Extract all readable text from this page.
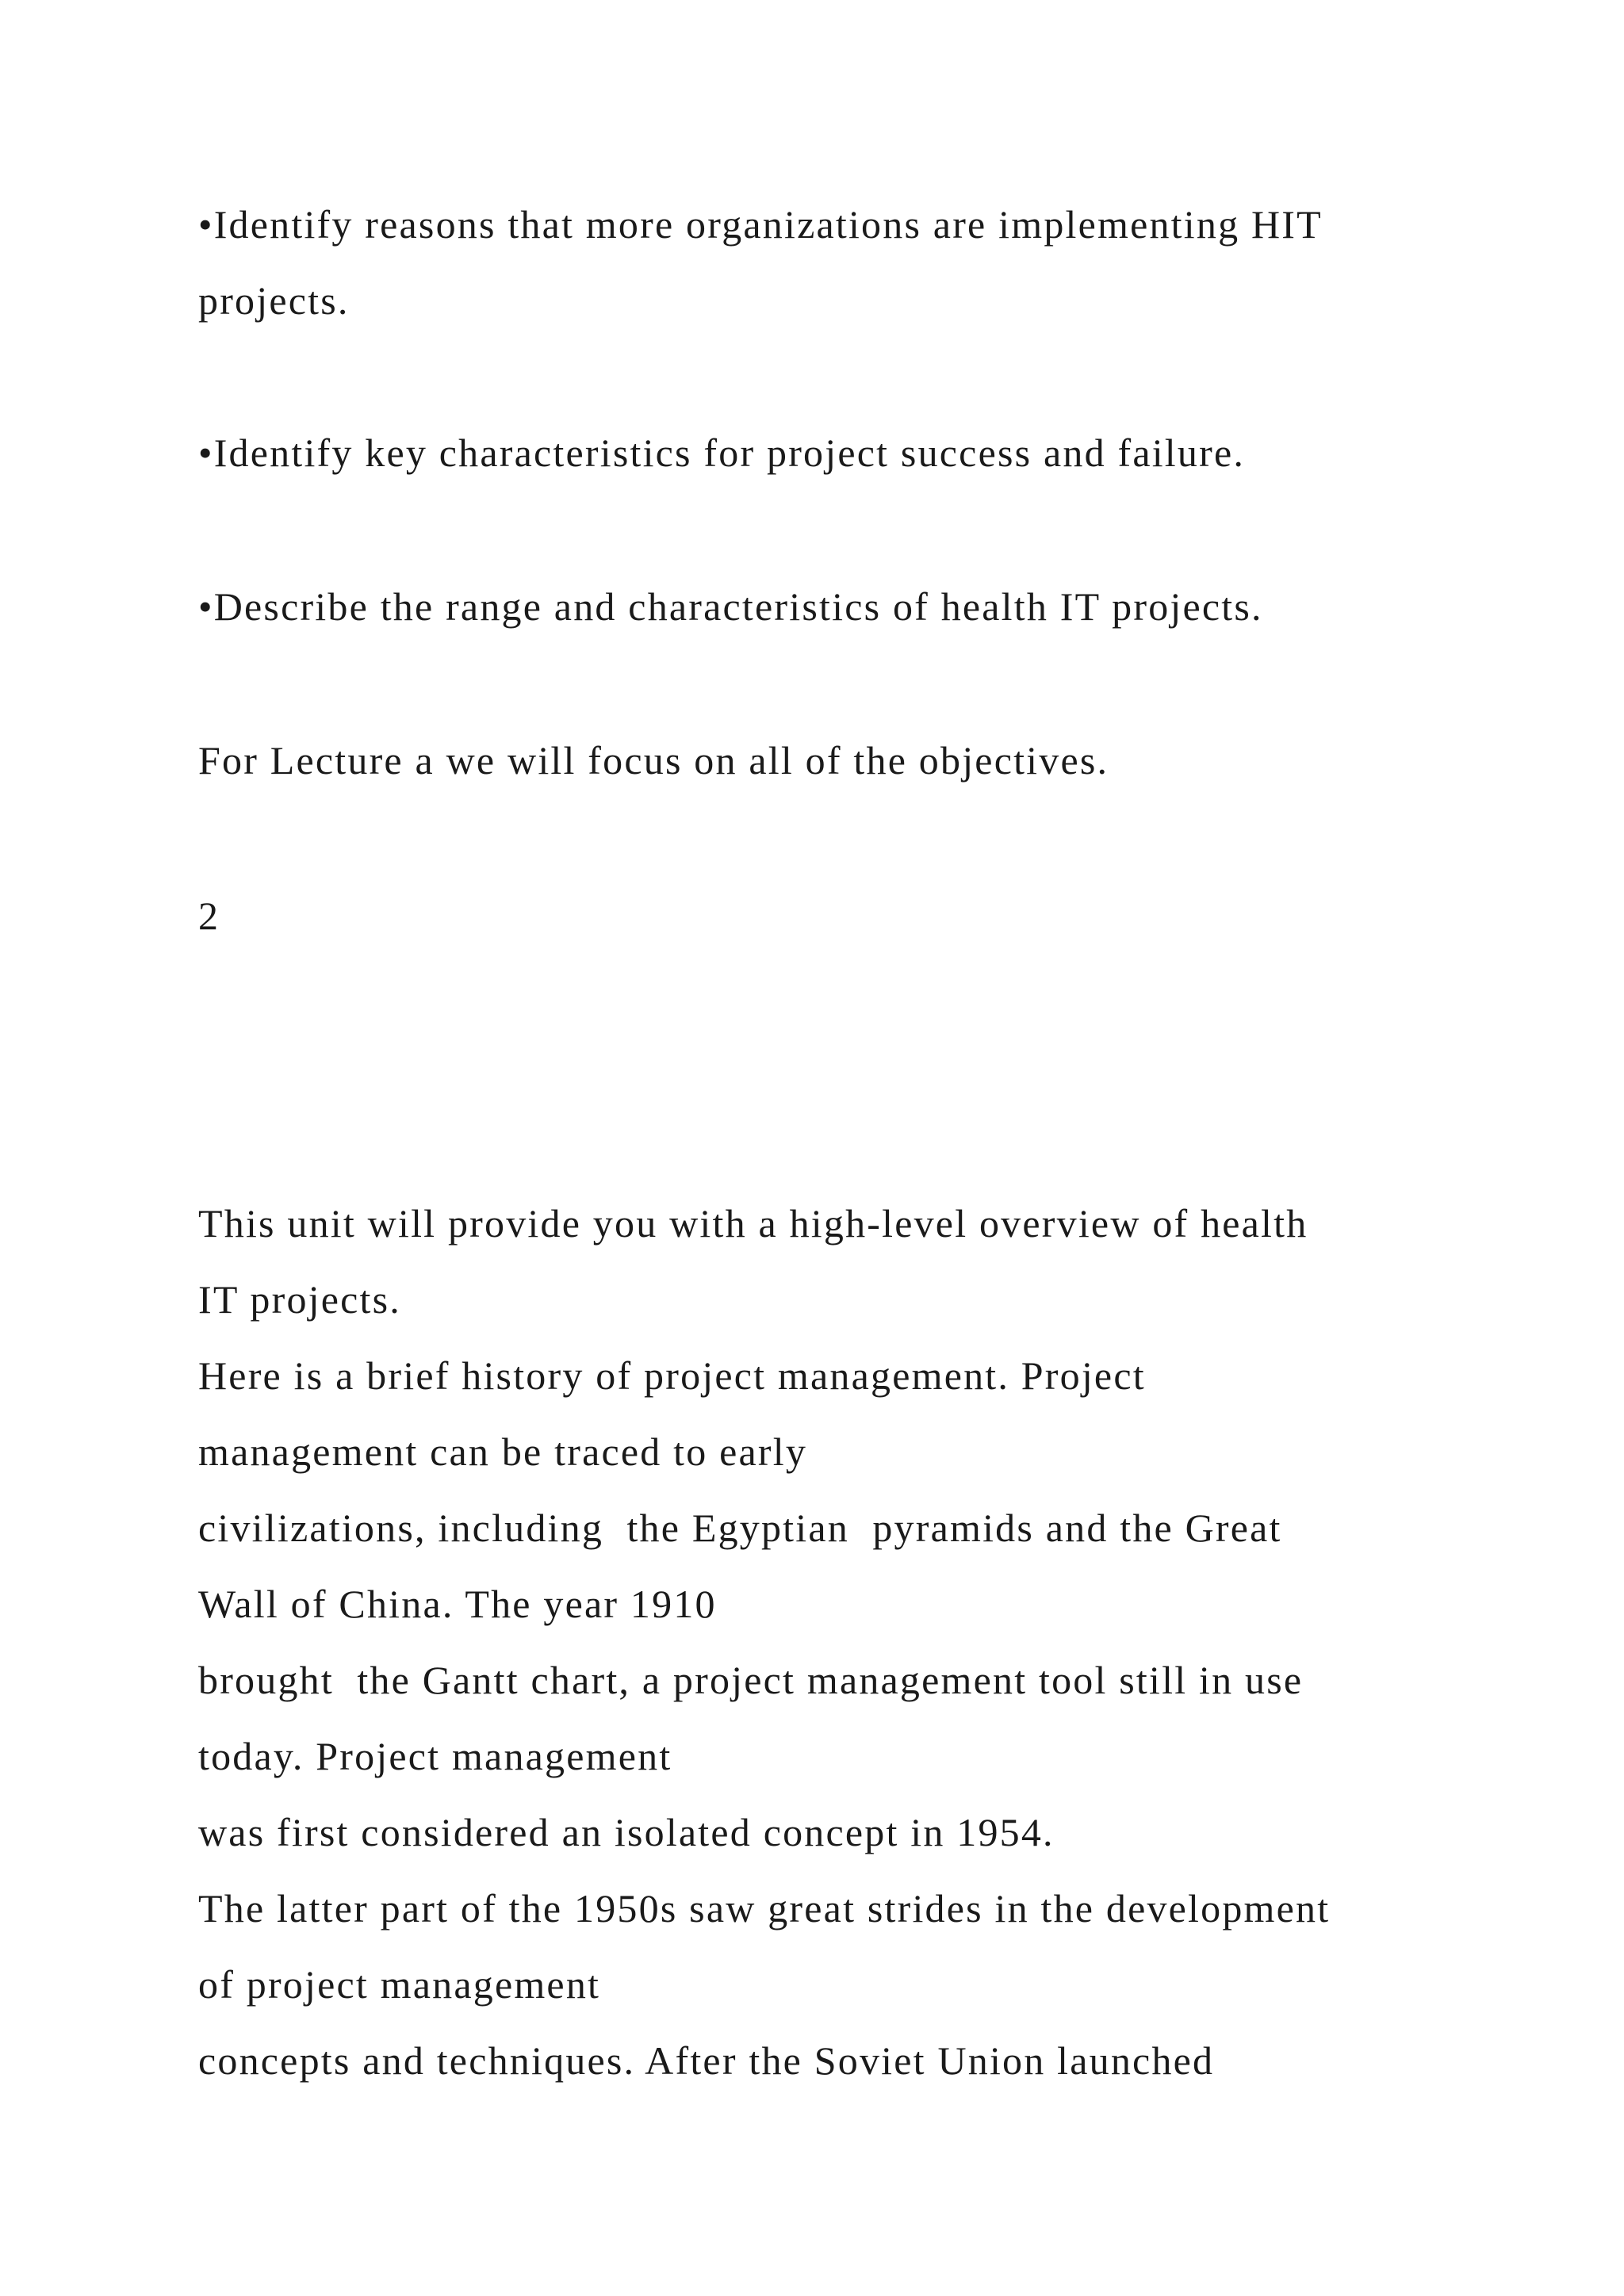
•Identify reasons that more organizations are implementing HIT
projects.
•Identify key characteristics for project success and failure.
•Describe the range and characteristics of health IT projects.
For Lecture a we will focus on all of the objectives.
2
This unit will provide you with a high-level overview of health
IT projects.
Here is a brief history of project management. Project
management can be traced to early
civilizations, including  the Egyptian  pyramids and the Great
Wall of China. The year 1910
brought  the Gantt chart, a project management tool still in use
today. Project management
was first considered an isolated concept in 1954.
The latter part of the 1950s saw great strides in the development
of project management
concepts and techniques. After the Soviet Union launched
